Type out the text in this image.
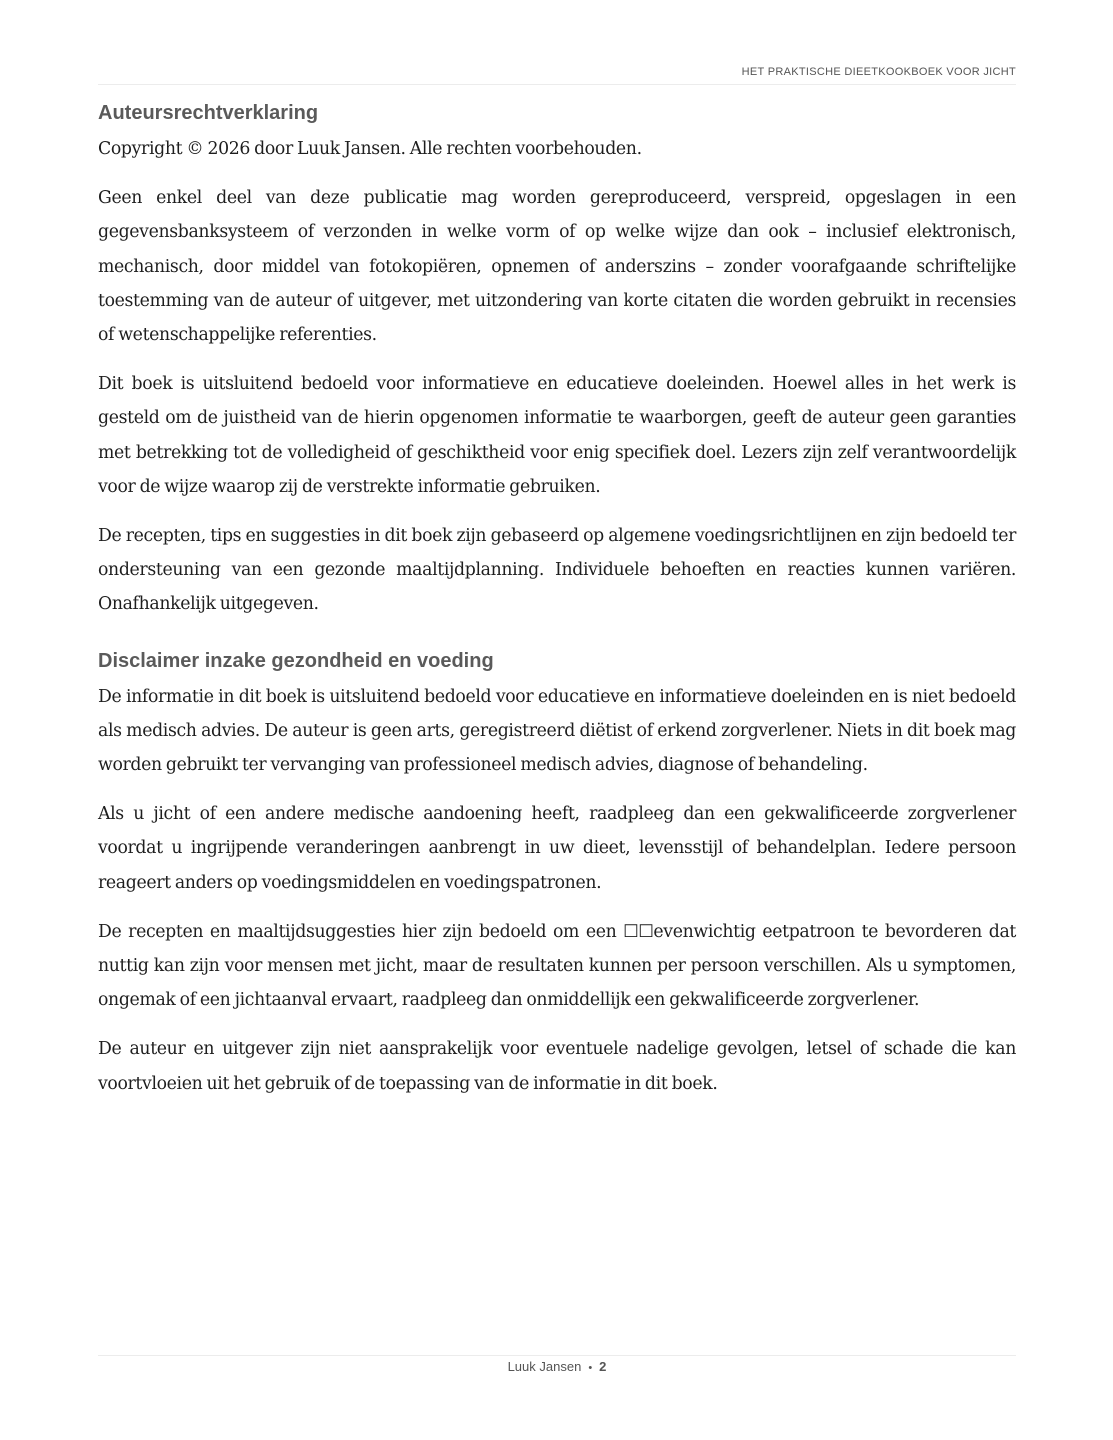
HET PRAKTISCHE DIEETKOOKBOEK VOOR JICHT
Auteursrechtverklaring

Copyright © 2026 door Luuk Jansen. Alle rechten voorbehouden.

Geen enkel deel van deze publicatie mag worden gereproduceerd, verspreid, opgeslagen in een gegevensbanksysteem of verzonden in welke vorm of op welke wijze dan ook – inclusief elektronisch, mechanisch, door middel van fotokopiëren, opnemen of anderszins – zonder voorafgaande schriftelijke toestemming van de auteur of uitgever, met uitzondering van korte citaten die worden gebruikt in recensies of wetenschappelijke referenties.

Dit boek is uitsluitend bedoeld voor informatieve en educatieve doeleinden. Hoewel alles in het werk is gesteld om de juistheid van de hierin opgenomen informatie te waarborgen, geeft de auteur geen garanties met betrekking tot de volledigheid of geschiktheid voor enig specifiek doel. Lezers zijn zelf verantwoordelijk voor de wijze waarop zij de verstrekte informatie gebruiken.

De recepten, tips en suggesties in dit boek zijn gebaseerd op algemene voedingsrichtlijnen en zijn bedoeld ter ondersteuning van een gezonde maaltijdplanning. Individuele behoeften en reacties kunnen variëren. Onafhankelijk uitgegeven.

Disclaimer inzake gezondheid en voeding

De informatie in dit boek is uitsluitend bedoeld voor educatieve en informatieve doeleinden en is niet bedoeld als medisch advies. De auteur is geen arts, geregistreerd diëtist of erkend zorgverlener. Niets in dit boek mag worden gebruikt ter vervanging van professioneel medisch advies, diagnose of behandeling.

Als u jicht of een andere medische aandoening heeft, raadpleeg dan een gekwalificeerde zorgverlener voordat u ingrijpende veranderingen aanbrengt in uw dieet, levensstijl of behandelplan. Iedere persoon reageert anders op voedingsmiddelen en voedingspatronen.

De recepten en maaltijdsuggesties hier zijn bedoeld om een ☐☐evenwichtig eetpatroon te bevorderen dat nuttig kan zijn voor mensen met jicht, maar de resultaten kunnen per persoon verschillen. Als u symptomen, ongemak of een jichtaanval ervaart, raadpleeg dan onmiddellijk een gekwalificeerde zorgverlener.

De auteur en uitgever zijn niet aansprakelijk voor eventuele nadelige gevolgen, letsel of schade die kan voortvloeien uit het gebruik of de toepassing van de informatie in dit boek.

Luuk Jansen • 2
